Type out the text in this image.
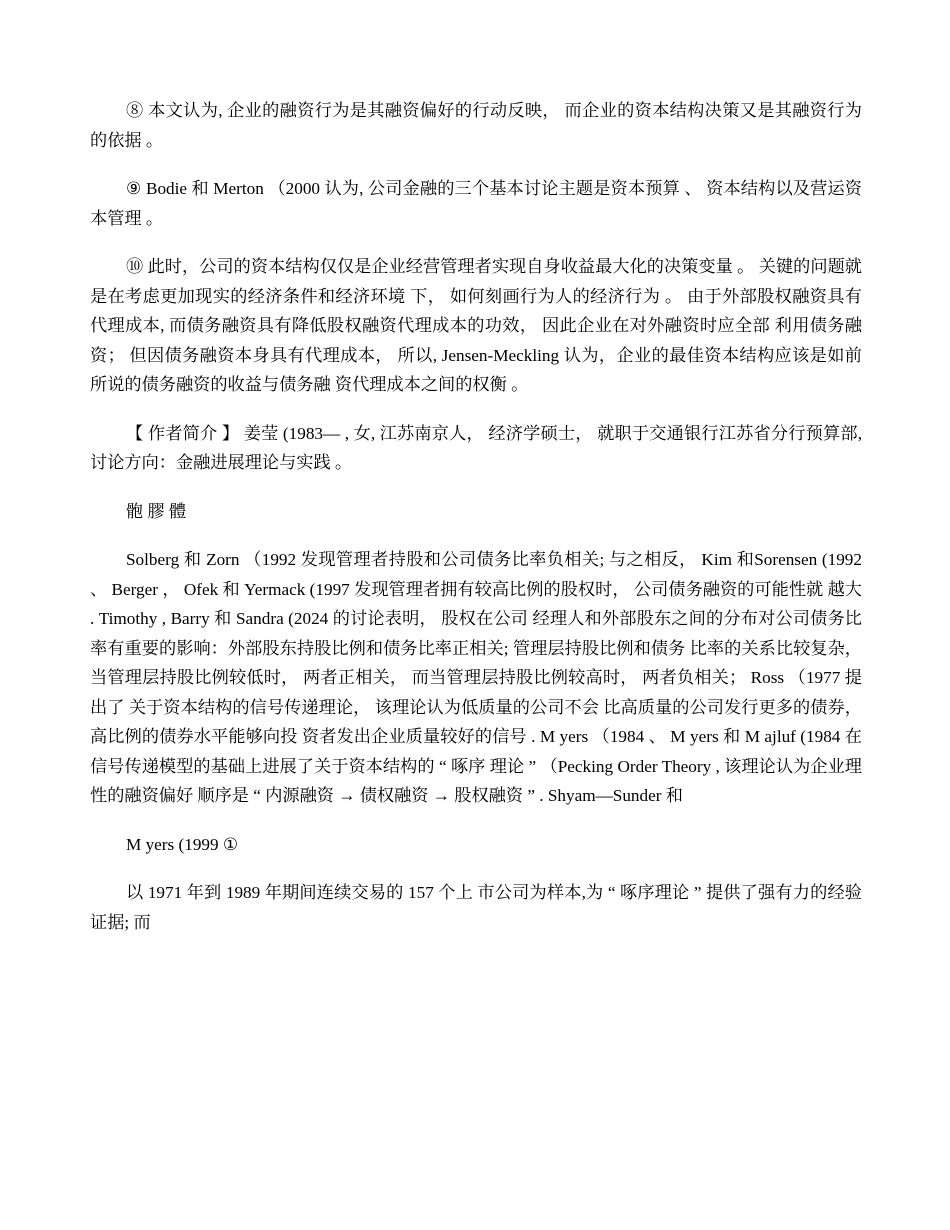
⑧ 本文认为, 企业的融资行为是其融资偏好的行动反映， 而企业的资本结构决策又是其融资行为的依据 。

⑨ Bodie 和 Merton （2000 认为, 公司金融的三个基本讨论主题是资本预算 、 资本结构以及营运资本管理 。

⑩ 此时，公司的资本结构仅仅是企业经营管理者实现自身收益最大化的决策变量 。 关键的问题就是在考虑更加现实的经济条件和经济环境 下， 如何刻画行为人的经济行为 。 由于外部股权融资具有代理成本, 而债务融资具有降低股权融资代理成本的功效， 因此企业在对外融资时应全部 利用债务融资； 但因债务融资本身具有代理成本， 所以, Jensen-Meckling 认为，企业的最佳资本结构应该是如前所说的债务融资的收益与债务融 资代理成本之间的权衡 。

【 作者简介 】 姜莹 (1983— , 女, 江苏南京人， 经济学硕士， 就职于交通银行江苏省分行预算部, 讨论方向：金融进展理论与实践 。

骲 膠 體

Solberg 和 Zorn （1992 发现管理者持股和公司债务比率负相关; 与之相反， Kim 和Sorensen (1992 、 Berger ， Ofek 和 Yermack (1997 发现管理者拥有较高比例的股权时， 公司债务融资的可能性就 越大 . Timothy , Barry 和 Sandra (2024 的讨论表明， 股权在公司 经理人和外部股东之间的分布对公司债务比率有重要的影响：外部股东持股比例和债务比率正相关; 管理层持股比例和债务 比率的关系比较复杂， 当管理层持股比例较低时， 两者正相关， 而当管理层持股比例较高时， 两者负相关； Ross （1977 提出了 关于资本结构的信号传递理论， 该理论认为低质量的公司不会 比高质量的公司发行更多的债券， 高比例的债券水平能够向投 资者发出企业质量较好的信号 . M yers （1984 、 M yers 和 M ajluf (1984 在信号传递模型的基础上进展了关于资本结构的 “ 啄序 理论 ” （Pecking Order Theory , 该理论认为企业理性的融资偏好 顺序是 “ 内源融资 → 债权融资 → 股权融资 ” . Shyam—Sunder 和

M yers (1999 ①

以 1971 年到 1989 年期间连续交易的 157 个上 市公司为样本,为 “ 啄序理论 ” 提供了强有力的经验证据; 而
